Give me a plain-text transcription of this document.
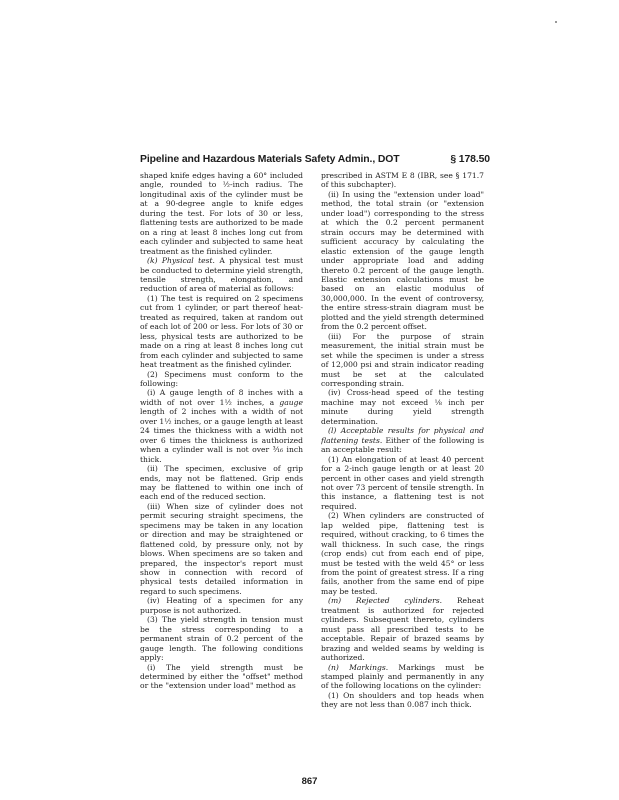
Pipeline and Hazardous Materials Safety Admin., DOT	§ 178.50

shaped knife edges having a 60° included angle, rounded to ½-inch radius. The longitudinal axis of the cylinder must be at a 90-degree angle to knife edges during the test. For lots of 30 or less, flattening tests are authorized to be made on a ring at least 8 inches long cut from each cylinder and subjected to same heat treatment as the finished cylinder.

(k) Physical test. A physical test must be conducted to determine yield strength, tensile strength, elongation, and reduction of area of material as follows:

(1) The test is required on 2 specimens cut from 1 cylinder, or part thereof heat-treated as required, taken at random out of each lot of 200 or less. For lots of 30 or less, physical tests are authorized to be made on a ring at least 8 inches long cut from each cylinder and subjected to same heat treatment as the finished cylinder.

(2) Specimens must conform to the following:

(i) A gauge length of 8 inches with a width of not over 1½ inches, a gauge length of 2 inches with a width of not over 1½ inches, or a gauge length at least 24 times the thickness with a width not over 6 times the thickness is authorized when a cylinder wall is not over ³⁄₁₆ inch thick.

(ii) The specimen, exclusive of grip ends, may not be flattened. Grip ends may be flattened to within one inch of each end of the reduced section.

(iii) When size of cylinder does not permit securing straight specimens, the specimens may be taken in any location or direction and may be straightened or flattened cold, by pressure only, not by blows. When specimens are so taken and prepared, the inspector's report must show in connection with record of physical tests detailed information in regard to such specimens.

(iv) Heating of a specimen for any purpose is not authorized.

(3) The yield strength in tension must be the stress corresponding to a permanent strain of 0.2 percent of the gauge length. The following conditions apply:

(i) The yield strength must be determined by either the "offset" method or the "extension under load" method as

prescribed in ASTM E 8 (IBR, see § 171.7 of this subchapter).

(ii) In using the "extension under load" method, the total strain (or "extension under load") corresponding to the stress at which the 0.2 percent permanent strain occurs may be determined with sufficient accuracy by calculating the elastic extension of the gauge length under appropriate load and adding thereto 0.2 percent of the gauge length. Elastic extension calculations must be based on an elastic modulus of 30,000,000. In the event of controversy, the entire stress-strain diagram must be plotted and the yield strength determined from the 0.2 percent offset.

(iii) For the purpose of strain measurement, the initial strain must be set while the specimen is under a stress of 12,000 psi and strain indicator reading must be set at the calculated corresponding strain.

(iv) Cross-head speed of the testing machine may not exceed ⅛ inch per minute during yield strength determination.

(l) Acceptable results for physical and flattening tests. Either of the following is an acceptable result:

(1) An elongation of at least 40 percent for a 2-inch gauge length or at least 20 percent in other cases and yield strength not over 73 percent of tensile strength. In this instance, a flattening test is not required.

(2) When cylinders are constructed of lap welded pipe, flattening test is required, without cracking, to 6 times the wall thickness. In such case, the rings (crop ends) cut from each end of pipe, must be tested with the weld 45° or less from the point of greatest stress. If a ring fails, another from the same end of pipe may be tested.

(m) Rejected cylinders. Reheat treatment is authorized for rejected cylinders. Subsequent thereto, cylinders must pass all prescribed tests to be acceptable. Repair of brazed seams by brazing and welded seams by welding is authorized.

(n) Markings. Markings must be stamped plainly and permanently in any of the following locations on the cylinder:

(1) On shoulders and top heads when they are not less than 0.087 inch thick.

867
